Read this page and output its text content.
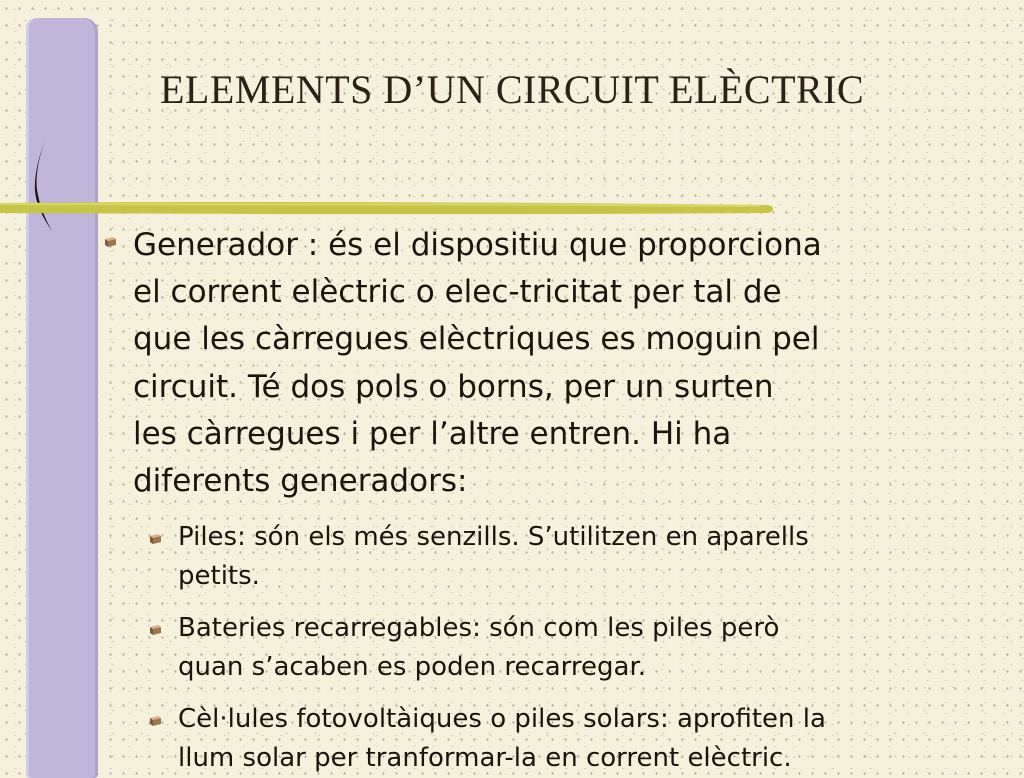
ELEMENTS D’UN CIRCUIT ELÈCTRIC

Generador : és el dispositiu que proporciona
el corrent elèctric o elec-tricitat per tal de
que les càrregues elèctriques es moguin pel
circuit. Té dos pols o borns, per un surten
les càrregues i per l’altre entren. Hi ha
diferents generadors:

Piles: són els més senzills. S’utilitzen en aparells
petits.

Bateries recarregables: són com les piles però
quan s’acaben es poden recarregar.

Cèl·lules fotovoltàiques o piles solars: aprofiten la
llum solar per tranformar-la en corrent elèctric.
